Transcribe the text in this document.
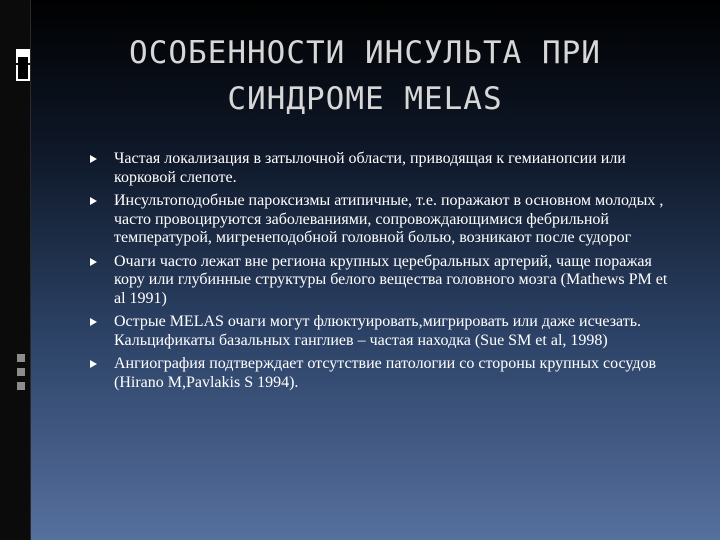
ОСОБЕННОСТИ ИНСУЛЬТА ПРИ
СИНДРОМЕ MELAS
Частая локализация в затылочной области, приводящая к гемианопсии или корковой слепоте.
Инсультоподобные пароксизмы атипичные, т.е. поражают в основном молодых , часто провоцируются заболеваниями, сопровождающимися фебрильной температурой, мигренеподобной головной болью, возникают после судорог
Очаги часто лежат вне региона крупных церебральных артерий, чаще поражая кору или глубинные структуры белого вещества головного мозга (Mathews PM et al 1991)
Острые MELAS очаги могут флюктуировать,мигрировать или даже исчезать. Кальцификаты базальных ганглиев – частая находка (Sue SM et al, 1998)
Ангиография подтверждает отсутствие патологии со стороны крупных сосудов (Hirano M,Pavlakis S 1994).
